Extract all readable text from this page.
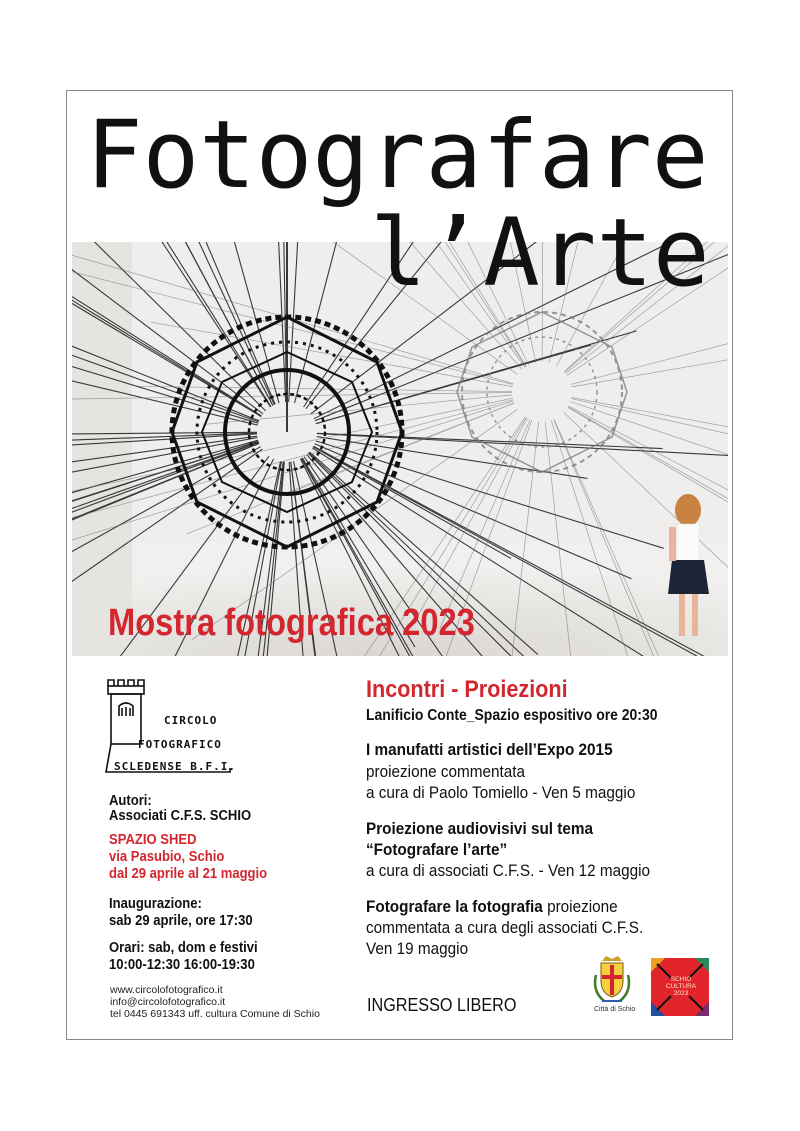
Fotografare
l’Arte
Mostra fotografica 2023
CIRCOLO
FOTOGRAFICO
SCLEDENSE B.F.I.
Autori:
Associati C.F.S. SCHIO
SPAZIO SHED
via Pasubio, Schio
dal 29 aprile al 21 maggio
Inaugurazione:
sab 29 aprile, ore 17:30
Orari: sab, dom e festivi
10:00-12:30 16:00-19:30
www.circolofotografico.it
info@circolofotografico.it
tel 0445 691343 uff. cultura Comune di Schio
Incontri - Proiezioni
Lanificio Conte_Spazio espositivo ore 20:30
I manufatti artistici dell’Expo 2015
proiezione commentata
a cura di Paolo Tomiello - Ven 5 maggio
Proiezione audiovisivi sul tema
“Fotografare l’arte”
a cura di associati C.F.S. - Ven 12 maggio
Fotografare la fotografia proiezione
commentata a cura degli associati C.F.S.
Ven 19 maggio
INGRESSO LIBERO	Città di Schio
SCHIO
CULTURA
2023
